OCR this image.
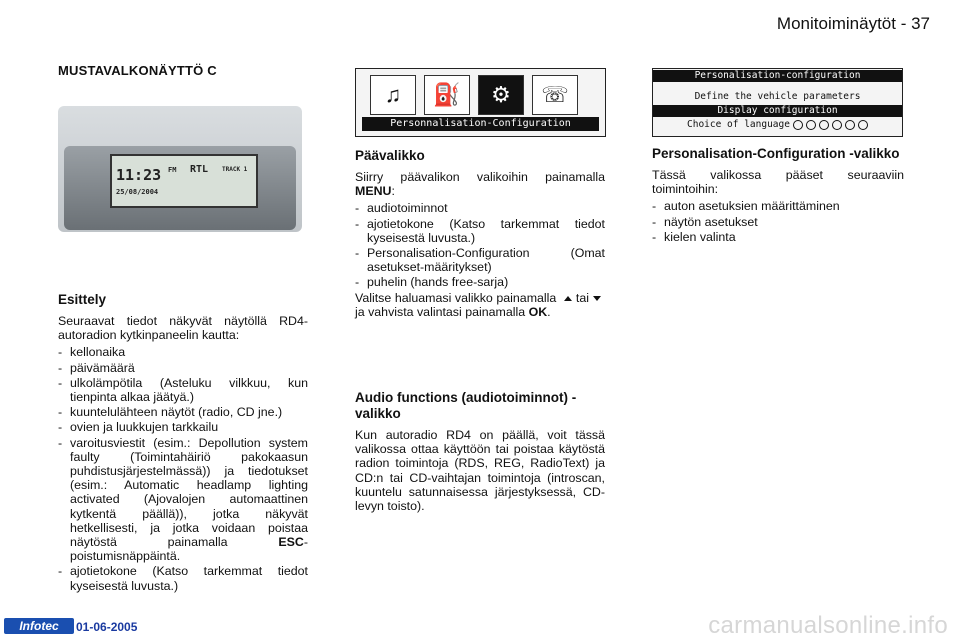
Monitoiminäytöt - 37
MUSTAVALKONÄYTTÖ C
11:23
25/08/2004
FM RTL TRACK 1
Esittely

Seuraavat tiedot näkyvät näytöllä RD4-autoradion kytkinpaneelin kautta:

- kellonaika
- päivämäärä
- ulkolämpötila (Asteluku vilkkuu, kun tienpinta alkaa jäätyä.)
- kuuntelulähteen näytöt (radio, CD jne.)
- ovien ja luukkujen tarkkailu
- varoitusviestit (esim.: Depollution system faulty (Toimintahäiriö pakokaasun puhdistusjärjestelmässä)) ja tiedotukset (esim.: Automatic headlamp lighting activated (Ajovalojen automaattinen kytkentä päällä)), jotka näkyvät hetkellisesti, ja jotka voidaan poistaa näytöstä painamalla ESC-poistumisnäppäintä.
- ajotietokone (Katso tarkemmat tiedot kyseisestä luvusta.)
♫	⛽	⚙	☏
Personnalisation-Configuration
Päävalikko

Siirry päävalikon valikoihin painamalla MENU:

- audiotoiminnot
- ajotietokone (Katso tarkemmat tiedot kyseisestä luvusta.)
- Personalisation-Configuration (Omat asetukset-määritykset)
- puhelin (hands free-sarja)

Valitse haluamasi valikko painamalla taija vahvista valintasi painamalla OK.

Audio functions (audiotoiminnot) -valikko

Kun autoradio RD4 on päällä, voit tässä valikossa ottaa käyttöön tai poistaa käytöstä radion toimintoja (RDS, REG, RadioText) ja CD:n tai CD-vaihtajan toimintoja (introscan, kuuntelu satunnaisessa järjestyksessä, CD-levyn toisto).

Personalisation-configuration
Define the vehicle parameters
Display configuration
Choice of language
Personalisation-Configuration -valikko

Tässä valikossa pääset seuraaviin toimintoihin:

- auton asetuksien määrittäminen
- näytön asetukset
- kielen valinta
Infotec	01-06-2005	carmanualsonline.info
